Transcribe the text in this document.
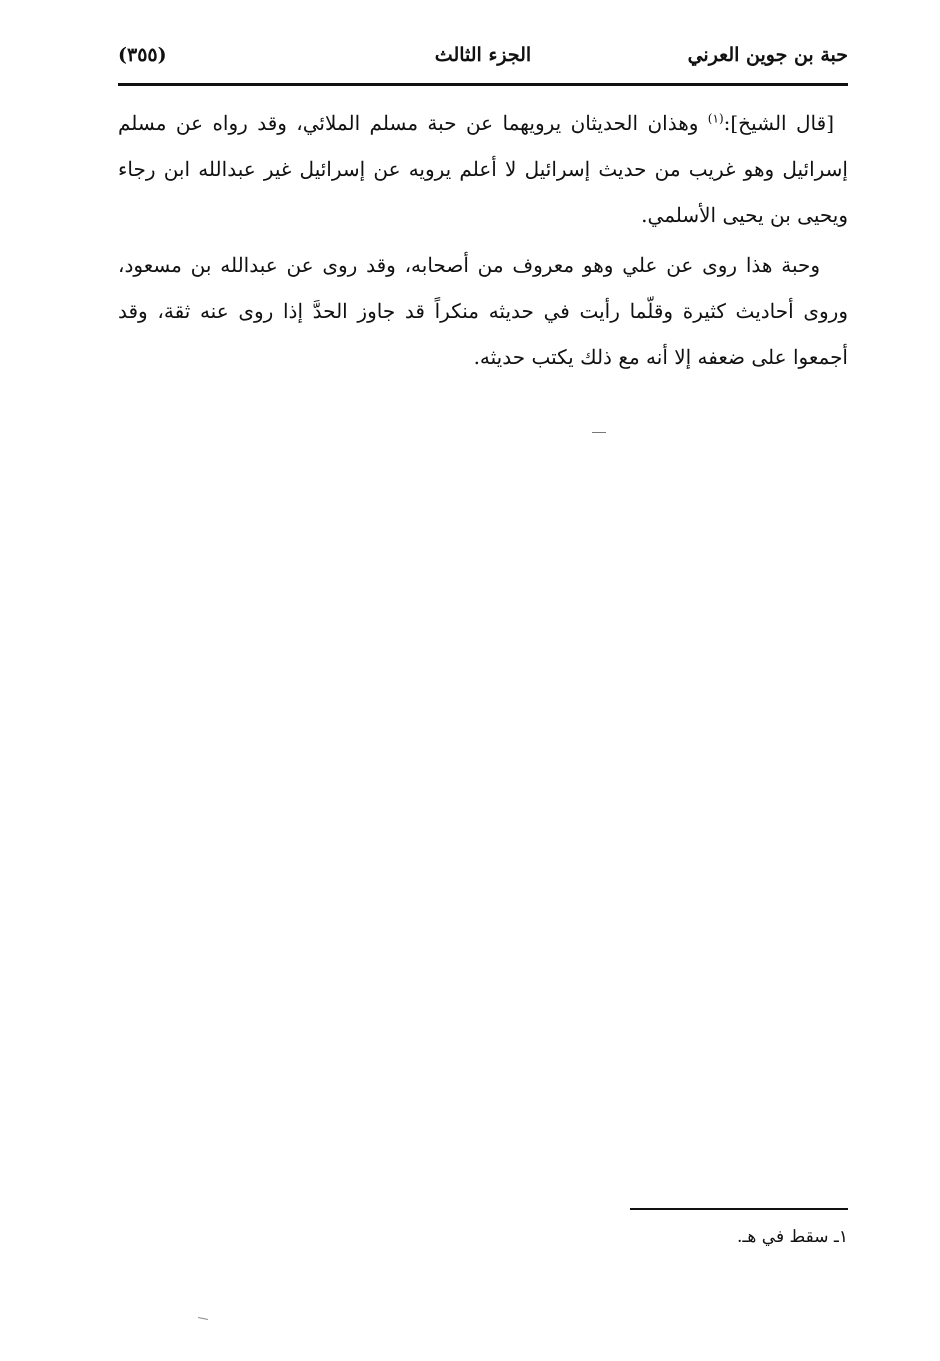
حبة بن جوين العرني
الجزء الثالث
(٣٥٥)

[قال الشيخ]:$^{(١)}$ وهذان الحديثان يرويهما عن حبة مسلم الملائي، وقد رواه عن مسلم إسرائيل وهو غريب من حديث إسرائيل لا أعلم يرويه عن إسرائيل غير عبدالله ابن رجاء ويحيى بن يحيى الأسلمي.

وحبة هذا روى عن علي وهو معروف من أصحابه، وقد روى عن عبدالله بن مسعود، وروى أحاديث كثيرة وقلّما رأيت في حديثه منكراً قد جاوز الحدَّ إذا روى عنه ثقة، وقد أجمعوا على ضعفه إلا أنه مع ذلك يكتب حديثه.

١ـ سقط في هـ.
